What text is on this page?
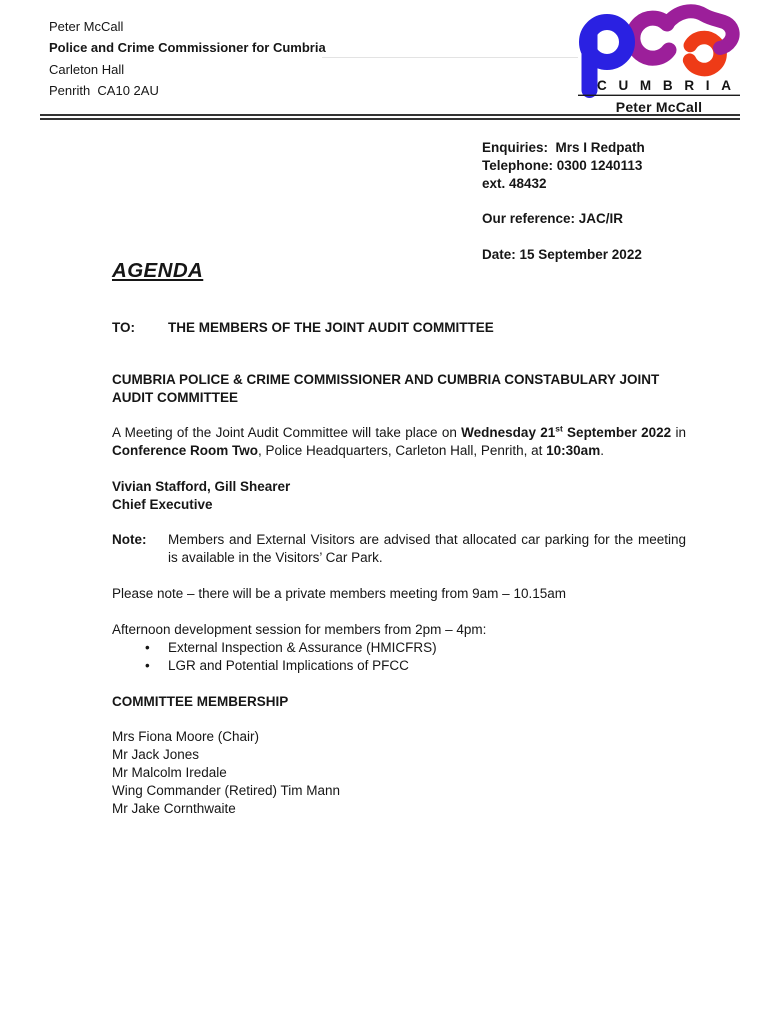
Peter McCall
Police and Crime Commissioner for Cumbria
Carleton Hall
Penrith  CA10 2AU	CUMBRIA
Peter McCall
Enquiries:  Mrs I Redpath
Telephone: 0300 1240113
ext. 48432
Our reference: JAC/IR
Date: 15 September 2022
AGENDA
TO:	THE MEMBERS OF THE JOINT AUDIT COMMITTEE
CUMBRIA POLICE & CRIME COMMISSIONER AND CUMBRIA CONSTABULARY JOINT AUDIT COMMITTEE
A Meeting of the Joint Audit Committee will take place on Wednesday 21st September 2022 in Conference Room Two, Police Headquarters, Carleton Hall, Penrith, at 10:30am.
Vivian Stafford, Gill Shearer
Chief Executive
Note:	Members and External Visitors are advised that allocated car parking for the meeting is available in the Visitors’ Car Park.
Please note – there will be a private members meeting from 9am – 10.15am
Afternoon development session for members from 2pm – 4pm:
•	External Inspection & Assurance (HMICFRS)
•	LGR and Potential Implications of PFCC
COMMITTEE MEMBERSHIP
Mrs Fiona Moore (Chair)
Mr Jack Jones
Mr Malcolm Iredale
Wing Commander (Retired) Tim Mann
Mr Jake Cornthwaite
